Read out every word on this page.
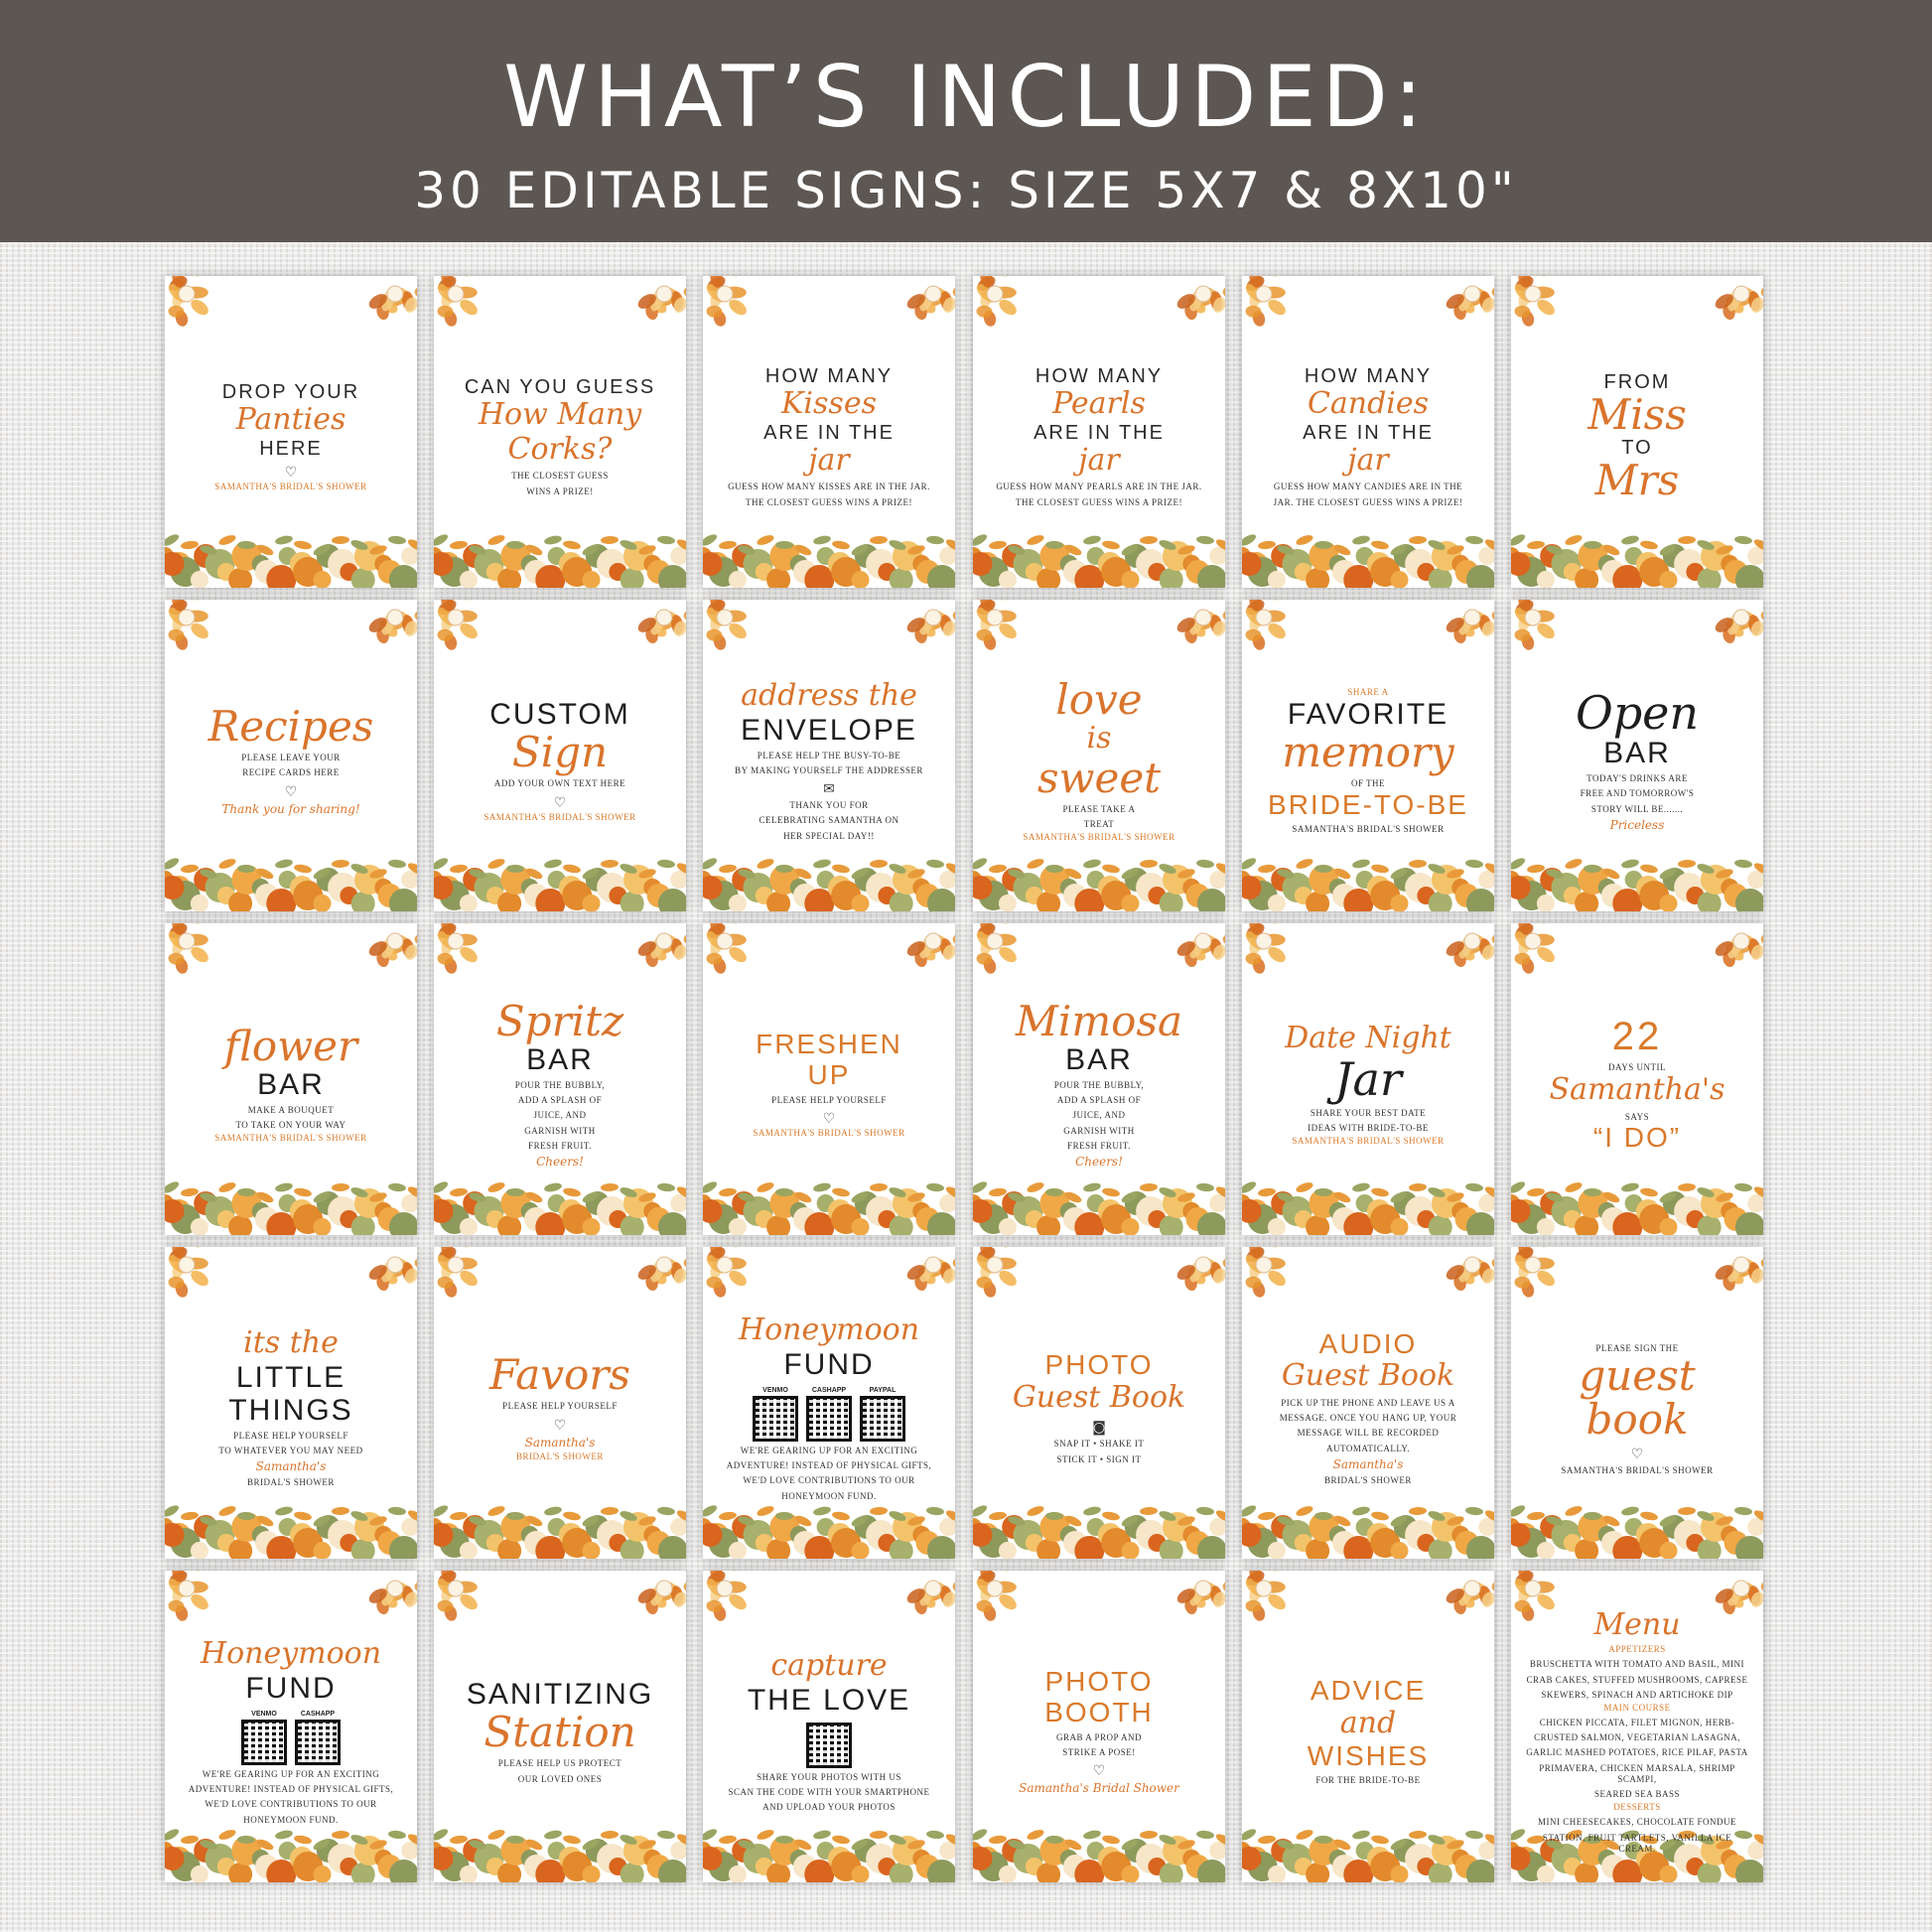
WHAT’S INCLUDED:
30 EDITABLE SIGNS: SIZE 5X7 & 8X10"
DROP YOUR
Panties
HERE
♡
SAMANTHA'S BRIDAL'S SHOWER
CAN YOU GUESS
How Many
Corks?
THE CLOSEST GUESS
WINS A PRIZE!
HOW MANY
Kisses
ARE IN THE
jar
GUESS HOW MANY KISSES ARE IN THE JAR.
THE CLOSEST GUESS WINS A PRIZE!
HOW MANY
Pearls
ARE IN THE
jar
GUESS HOW MANY PEARLS ARE IN THE JAR.
THE CLOSEST GUESS WINS A PRIZE!
HOW MANY
Candies
ARE IN THE
jar
GUESS HOW MANY CANDIES ARE IN THE
JAR. THE CLOSEST GUESS WINS A PRIZE!
FROM
Miss
TO
Mrs
Recipes
PLEASE LEAVE YOUR
RECIPE CARDS HERE
♡
Thank you for sharing!
CUSTOM
Sign
ADD YOUR OWN TEXT HERE
♡
SAMANTHA'S BRIDAL'S SHOWER
address the
ENVELOPE
PLEASE HELP THE BUSY-TO-BE
BY MAKING YOURSELF THE ADDRESSER
✉
THANK YOU FOR
CELEBRATING SAMANTHA ON
HER SPECIAL DAY!!
love
is
sweet
PLEASE TAKE A
TREAT
SAMANTHA'S BRIDAL'S SHOWER
SHARE A
FAVORITE
memory
OF THE
BRIDE-TO-BE
SAMANTHA'S BRIDAL'S SHOWER
Open
BAR
TODAY'S DRINKS ARE
FREE AND TOMORROW'S
STORY WILL BE.......
Priceless
flower
BAR
MAKE A BOUQUET
TO TAKE ON YOUR WAY
SAMANTHA'S BRIDAL'S SHOWER
Spritz
BAR
POUR THE BUBBLY,
ADD A SPLASH OF
JUICE, AND
GARNISH WITH
FRESH FRUIT.
Cheers!
FRESHEN
UP
PLEASE HELP YOURSELF
♡
SAMANTHA'S BRIDAL'S SHOWER
Mimosa
BAR
POUR THE BUBBLY,
ADD A SPLASH OF
JUICE, AND
GARNISH WITH
FRESH FRUIT.
Cheers!
Date Night
Jar
SHARE YOUR BEST DATE
IDEAS WITH BRIDE-TO-BE
SAMANTHA'S BRIDAL'S SHOWER
22
DAYS UNTIL
Samantha's
SAYS
“I DO”
its the
LITTLE
THINGS
PLEASE HELP YOURSELF
TO WHATEVER YOU MAY NEED
Samantha's
BRIDAL'S SHOWER
Favors
PLEASE HELP YOURSELF
♡
Samantha's
BRIDAL'S SHOWER
Honeymoon
FUND
VENMO	CASHAPP	PAYPAL
WE'RE GEARING UP FOR AN EXCITING
ADVENTURE! INSTEAD OF PHYSICAL GIFTS,
WE'D LOVE CONTRIBUTIONS TO OUR
HONEYMOON FUND.
PHOTO
Guest Book
◙
SNAP IT • SHAKE IT
STICK IT • SIGN IT
AUDIO
Guest Book
PICK UP THE PHONE AND LEAVE US A
MESSAGE. ONCE YOU HANG UP, YOUR
MESSAGE WILL BE RECORDED
AUTOMATICALLY.
Samantha's
BRIDAL'S SHOWER
PLEASE SIGN THE
guest
book
♡
SAMANTHA'S BRIDAL'S SHOWER
Honeymoon
FUND
VENMO	CASHAPP
WE'RE GEARING UP FOR AN EXCITING
ADVENTURE! INSTEAD OF PHYSICAL GIFTS,
WE'D LOVE CONTRIBUTIONS TO OUR
HONEYMOON FUND.
SANITIZING
Station
PLEASE HELP US PROTECT
OUR LOVED ONES
capture
THE LOVE
SHARE YOUR PHOTOS WITH US
SCAN THE CODE WITH YOUR SMARTPHONE
AND UPLOAD YOUR PHOTOS
PHOTO
BOOTH
GRAB A PROP AND
STRIKE A POSE!
♡
Samantha's Bridal Shower
ADVICE
and
WISHES
FOR THE BRIDE-TO-BE
Menu
APPETIZERS
BRUSCHETTA WITH TOMATO AND BASIL, MINI
CRAB CAKES, STUFFED MUSHROOMS, CAPRESE
SKEWERS, SPINACH AND ARTICHOKE DIP
MAIN COURSE
CHICKEN PICCATA, FILET MIGNON, HERB-
CRUSTED SALMON, VEGETARIAN LASAGNA,
GARLIC MASHED POTATOES, RICE PILAF, PASTA
PRIMAVERA, CHICKEN MARSALA, SHRIMP SCAMPI,
SEARED SEA BASS
DESSERTS
MINI CHEESECAKES, CHOCOLATE FONDUE
STATION, FRUIT TARTLETS, VANILLA ICE CREAM.
